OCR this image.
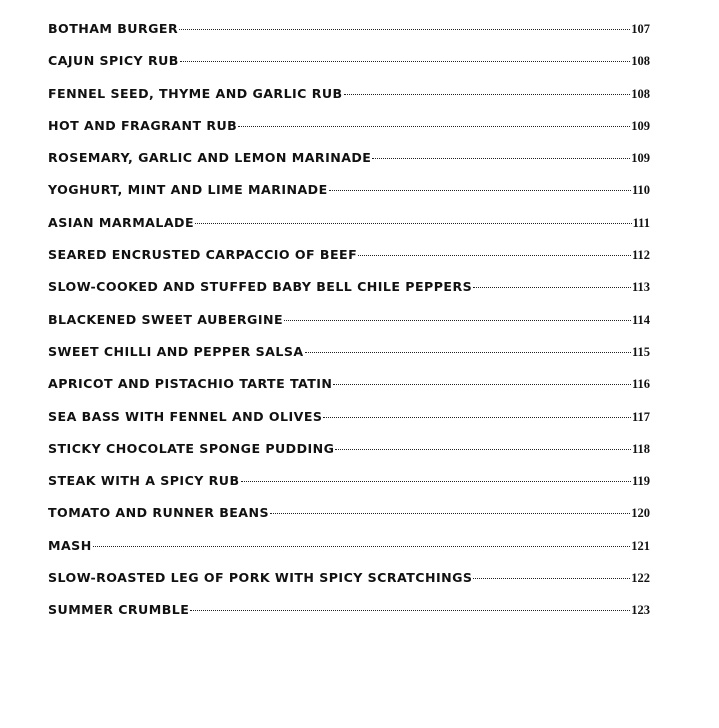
BOTHAM BURGER	107
CAJUN SPICY RUB	108
FENNEL SEED, THYME AND GARLIC RUB	108
HOT AND FRAGRANT RUB	109
ROSEMARY, GARLIC AND LEMON MARINADE	109
YOGHURT, MINT AND LIME MARINADE	110
ASIAN MARMALADE	111
SEARED ENCRUSTED CARPACCIO OF BEEF	112
SLOW-COOKED AND STUFFED BABY BELL CHILE PEPPERS	113
BLACKENED SWEET AUBERGINE	114
SWEET CHILLI AND PEPPER SALSA	115
APRICOT AND PISTACHIO TARTE TATIN	116
SEA BASS WITH FENNEL AND OLIVES	117
STICKY CHOCOLATE SPONGE PUDDING	118
STEAK WITH A SPICY RUB	119
TOMATO AND RUNNER BEANS	120
MASH	121
SLOW-ROASTED LEG OF PORK WITH SPICY SCRATCHINGS	122
SUMMER CRUMBLE	123
